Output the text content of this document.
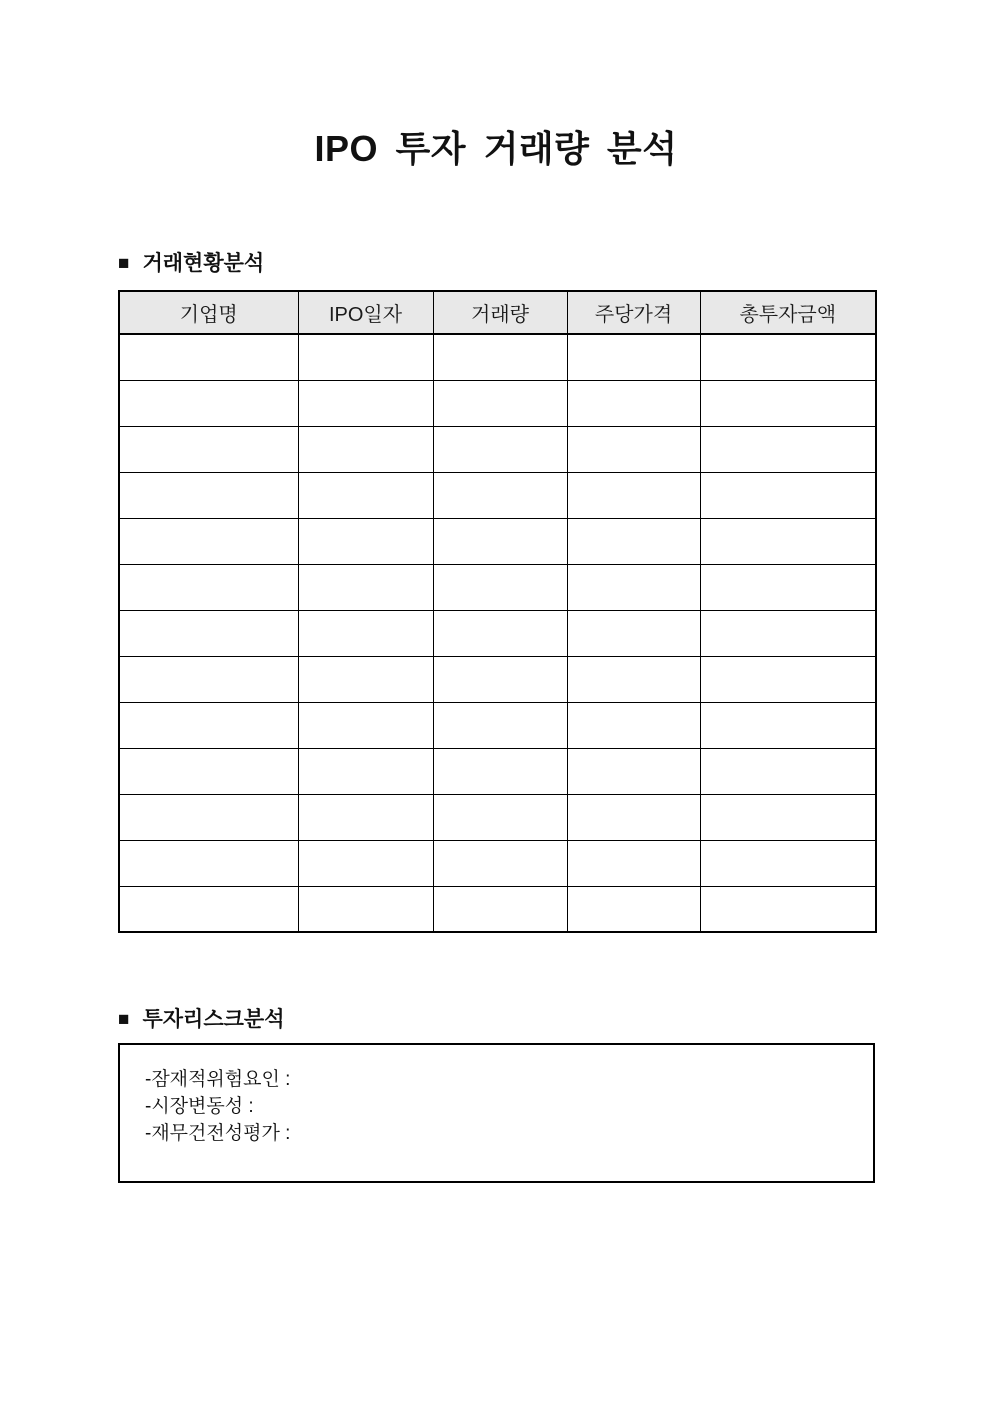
IPO 투자 거래량 분석
■ 거래현황분석
기업명	IPO일자	거래량	주당가격	총투자금액

■ 투자리스크분석

-잠재적위험요인 :

-시장변동성 :

-재무건전성평가 :
